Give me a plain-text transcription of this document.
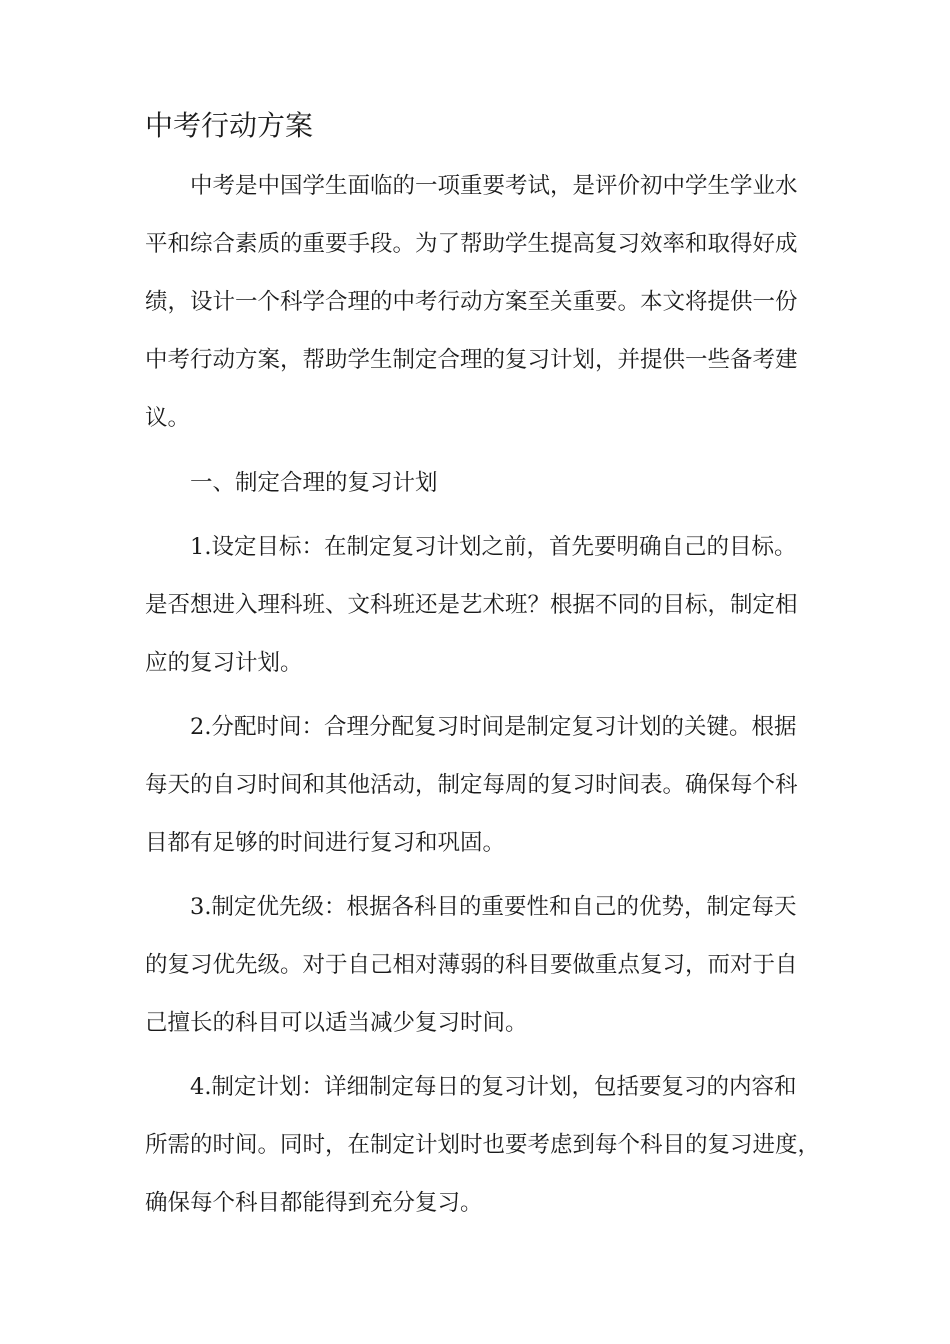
中考行动方案

中考是中国学生面临的一项重要考试，是评价初中学生学业水

平和综合素质的重要手段。为了帮助学生提高复习效率和取得好成

绩，设计一个科学合理的中考行动方案至关重要。本文将提供一份

中考行动方案，帮助学生制定合理的复习计划，并提供一些备考建

议。

一、制定合理的复习计划

1.设定目标：在制定复习计划之前，首先要明确自己的目标。

是否想进入理科班、文科班还是艺术班？根据不同的目标，制定相

应的复习计划。

2.分配时间：合理分配复习时间是制定复习计划的关键。根据

每天的自习时间和其他活动，制定每周的复习时间表。确保每个科

目都有足够的时间进行复习和巩固。

3.制定优先级：根据各科目的重要性和自己的优势，制定每天

的复习优先级。对于自己相对薄弱的科目要做重点复习，而对于自

己擅长的科目可以适当减少复习时间。

4.制定计划：详细制定每日的复习计划，包括要复习的内容和

所需的时间。同时，在制定计划时也要考虑到每个科目的复习进度，

确保每个科目都能得到充分复习。
